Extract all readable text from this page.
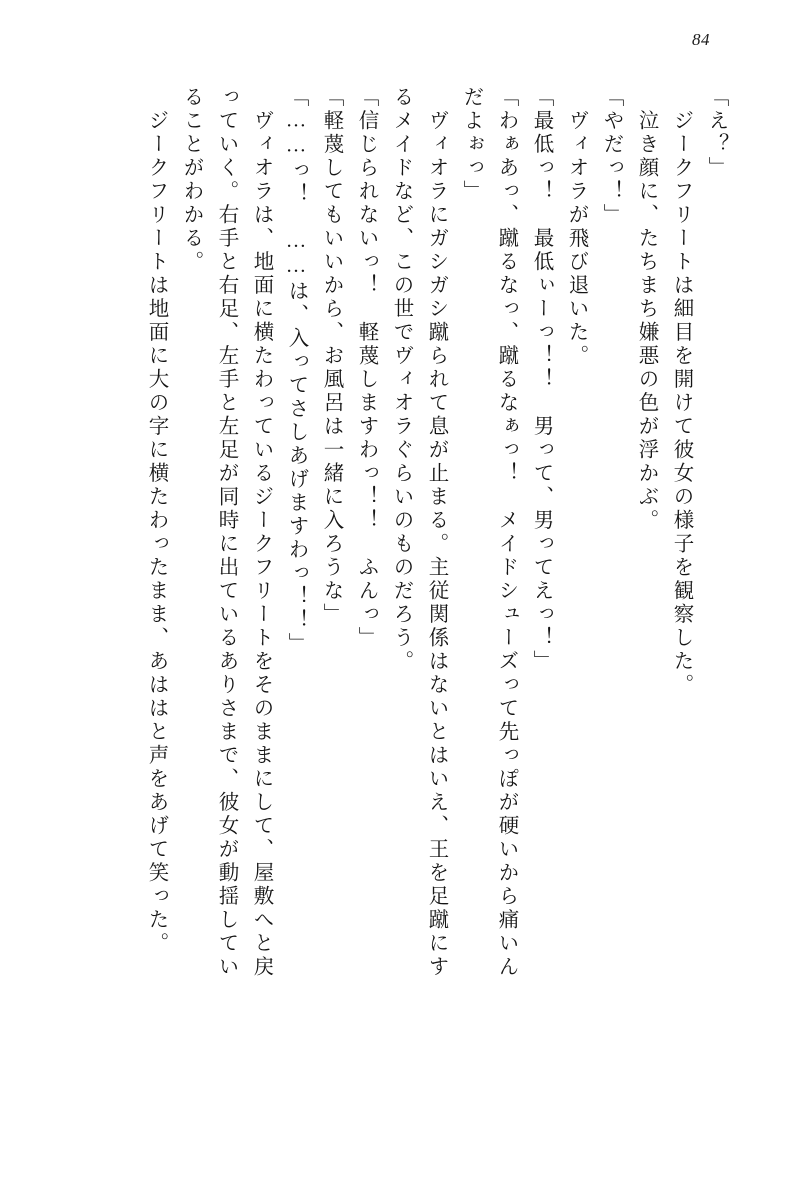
84
「え？」
　ジークフリートは細目を開けて彼女の様子を観察した。
　泣き顔に、たちまち嫌悪の色が浮かぶ。
「やだっ！」
　ヴィオラが飛び退いた。
「最低っ！　最低ぃーっ！！　男って、男ってえっ！」
「わぁあっ、蹴るなっ、蹴るなぁっ！　メイドシューズって先っぽが硬いから痛いん
だよぉっ」
　ヴィオラにガシガシ蹴られて息が止まる。主従関係はないとはいえ、王を足蹴にす
るメイドなど、この世でヴィオラぐらいのものだろう。
「信じられないっ！　軽蔑しますわっ！！　ふんっ」
「軽蔑してもいいから、お風呂は一緒に入ろうな」
「……っ！　……は、入ってさしあげますわっ！！」
　ヴィオラは、地面に横たわっているジークフリートをそのままにして、屋敷へと戻
っていく。右手と右足、左手と左足が同時に出ているありさまで、彼女が動揺してい
ることがわかる。
　ジークフリートは地面に大の字に横たわったまま、あははと声をあげて笑った。
